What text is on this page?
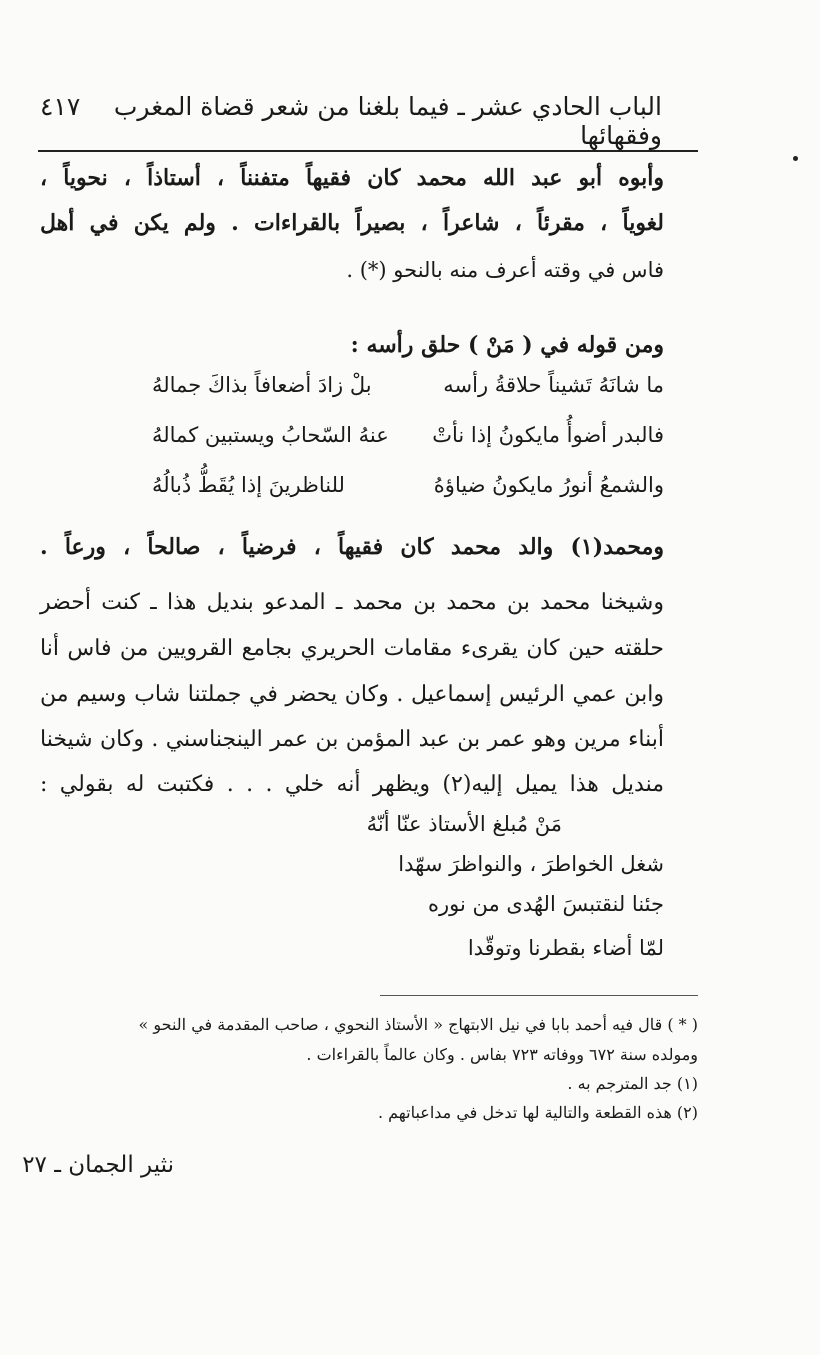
الباب الحادي عشر ـ فيما بلغنا من شعر قضاة المغرب وفقهائها
٤١٧
وأبوه أبو عبد الله محمد كان فقيهاً متفنناً ، أستاذاً ، نحوياً ،
لغوياً ، مقرئاً ، شاعراً ، بصيراً بالقراءات . ولم يكن في أهل
فاس في وقته أعرف منه بالنحو (*) .
ومن قوله في ( مَنْ ) حلق رأسه :
ما شانَهُ تَشيناً حلاقةُ رأسه
بلْ زادَ أضعافاً بذاكَ جمالهُ
فالبدر أضوأُ مايكونُ إذا نأتْ
عنهُ السّحابُ ويستبين كمالهُ
والشمعُ أنورُ مايكونُ ضياؤهُ
للناظرينَ إذا يُقَطُّ ذُبالُهُ
ومحمد(١) والد محمد كان فقيهاً ، فرضياً ، صالحاً ، ورعاً .
وشيخنا محمد بن محمد بن محمد ـ المدعو بنديل هذا ـ كنت أحضر
حلقته حين كان يقرىء مقامات الحريري بجامع القرويين من فاس أنا
وابن عمي الرئيس إسماعيل . وكان يحضر في جملتنا شاب وسيم من
أبناء مرين وهو عمر بن عبد المؤمن بن عمر الينجناسني . وكان شيخنا
منديل هذا يميل إليه(٢) ويظهر أنه خلي . . . فكتبت له بقولي :
مَنْ مُبلغ الأستاذ عنّا أنّهُ
شغل الخواطرَ ، والنواظرَ سهّدا
جئنا لنقتبسَ الهُدى من نوره
لمّا أضاء بقطرنا وتوقّدا
( * ) قال فيه أحمد بابا في نيل الابتهاج « الأستاذ النحوي ، صاحب المقدمة في النحو »
ومولده سنة ٦٧٢ ووفاته ٧٢٣ بفاس . وكان عالماً بالقراءات .
(١) جد المترجم به .
(٢) هذه القطعة والتالية لها تدخل في مداعباتهم .
نثير الجمان ـ ٢٧
